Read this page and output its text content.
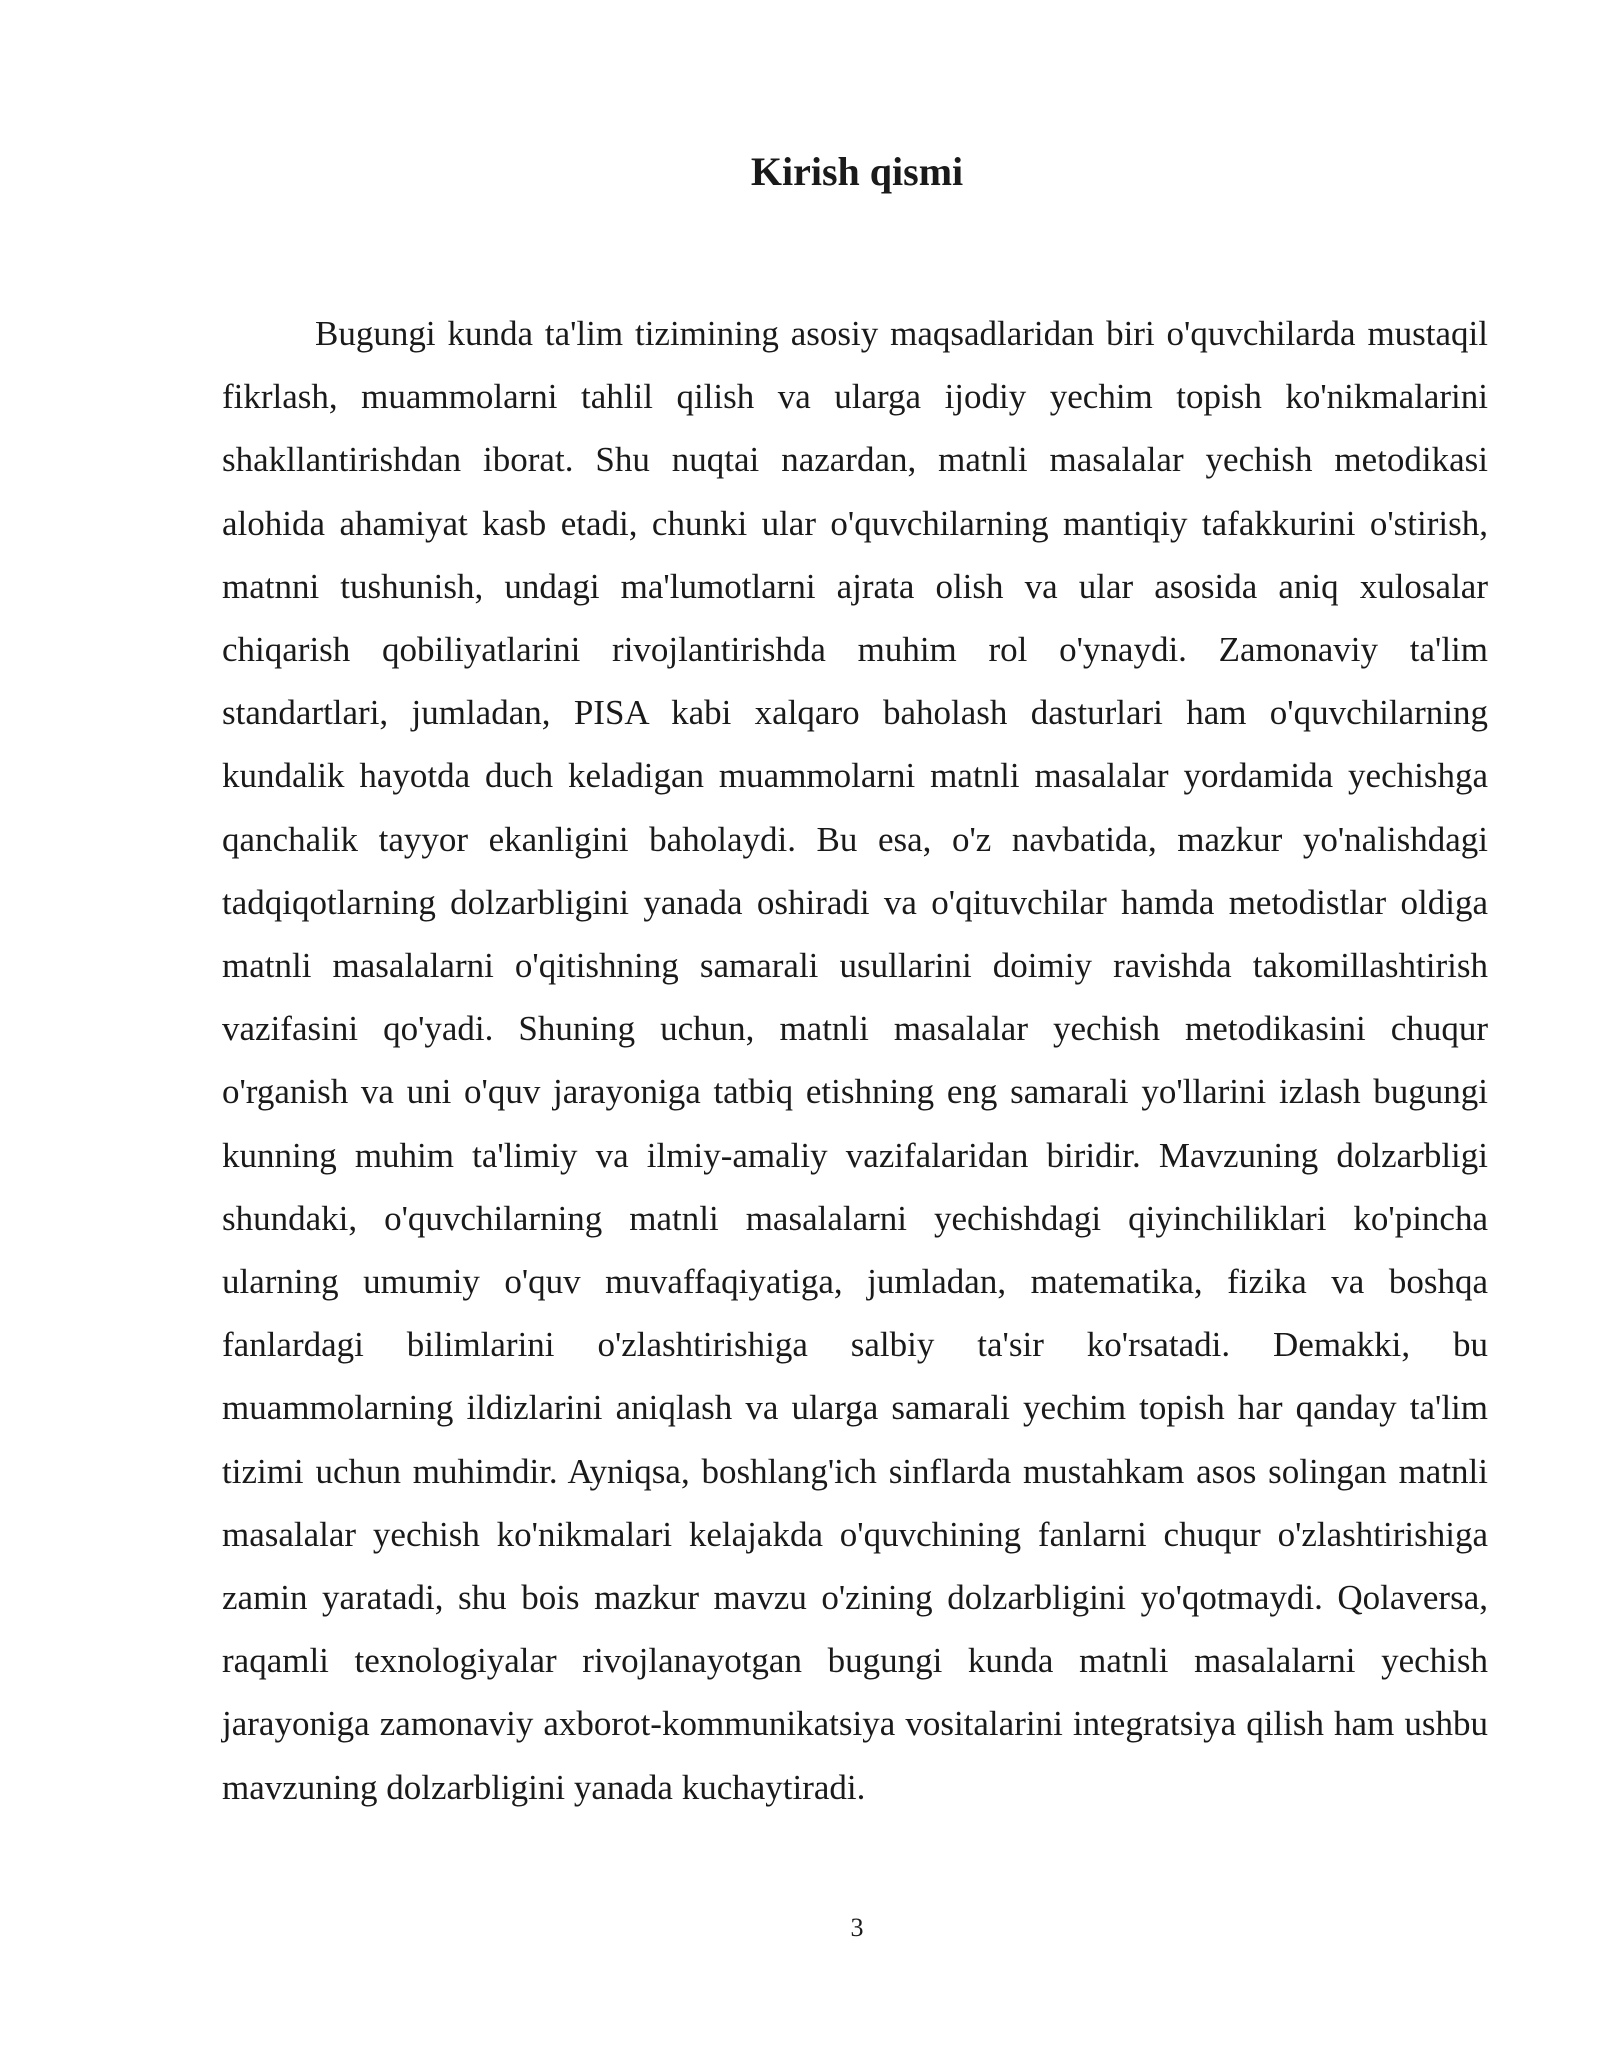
Kirish qismi

Bugungi kunda ta'lim tizimining asosiy maqsadlaridan biri o'quvchilarda mustaqil fikrlash, muammolarni tahlil qilish va ularga ijodiy yechim topish ko'nikmalarini shakllantirishdan iborat. Shu nuqtai nazardan, matnli masalalar yechish metodikasi alohida ahamiyat kasb etadi, chunki ular o'quvchilarning mantiqiy tafakkurini o'stirish, matnni tushunish, undagi ma'lumotlarni ajrata olish va ular asosida aniq xulosalar chiqarish qobiliyatlarini rivojlantirishda muhim rol o'ynaydi. Zamonaviy ta'lim standartlari, jumladan, PISA kabi xalqaro baholash dasturlari ham o'quvchilarning kundalik hayotda duch keladigan muammolarni matnli masalalar yordamida yechishga qanchalik tayyor ekanligini baholaydi. Bu esa, o'z navbatida, mazkur yo'nalishdagi tadqiqotlarning dolzarbligini yanada oshiradi va o'qituvchilar hamda metodistlar oldiga matnli masalalarni o'qitishning samarali usullarini doimiy ravishda takomillashtirish vazifasini qo'yadi. Shuning uchun, matnli masalalar yechish metodikasini chuqur o'rganish va uni o'quv jarayoniga tatbiq etishning eng samarali yo'llarini izlash bugungi kunning muhim ta'limiy va ilmiy-amaliy vazifalaridan biridir. Mavzuning dolzarbligi shundaki, o'quvchilarning matnli masalalarni yechishdagi qiyinchiliklari ko'pincha ularning umumiy o'quv muvaffaqiyatiga, jumladan, matematika, fizika va boshqa fanlardagi bilimlarini o'zlashtirishiga salbiy ta'sir ko'rsatadi. Demakki, bu muammolarning ildizlarini aniqlash va ularga samarali yechim topish har qanday ta'lim tizimi uchun muhimdir. Ayniqsa, boshlang'ich sinflarda mustahkam asos solingan matnli masalalar yechish ko'nikmalari kelajakda o'quvchining fanlarni chuqur o'zlashtirishiga zamin yaratadi, shu bois mazkur mavzu o'zining dolzarbligini yo'qotmaydi. Qolaversa, raqamli texnologiyalar rivojlanayotgan bugungi kunda matnli masalalarni yechish jarayoniga zamonaviy axborot-kommunikatsiya vositalarini integratsiya qilish ham ushbu mavzuning dolzarbligini yanada kuchaytiradi.

3
